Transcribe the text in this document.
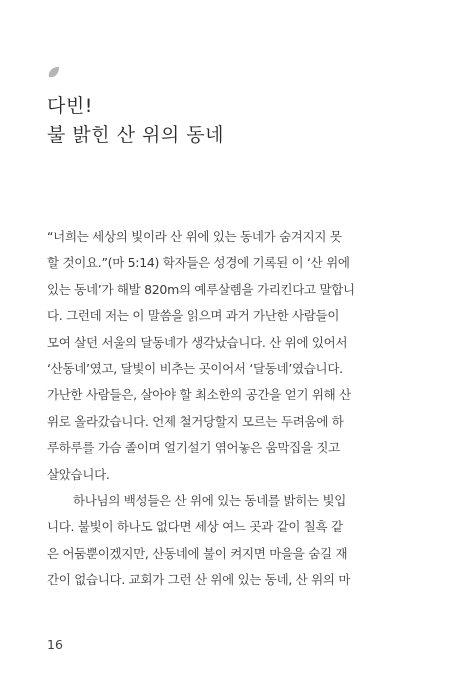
다빈!
불 밝힌 산 위의 동네
“너희는 세상의 빛이라 산 위에 있는 동네가 숨겨지지 못
할 것이요.”(마 5:14) 학자들은 성경에 기록된 이 ‘산 위에
있는 동네’가 해발 820m의 예루살렘을 가리킨다고 말합니
다. 그런데 저는 이 말씀을 읽으며 과거 가난한 사람들이
모여 살던 서울의 달동네가 생각났습니다. 산 위에 있어서
‘산동네’였고, 달빛이 비추는 곳이어서 ‘달동네’였습니다.
가난한 사람들은, 살아야 할 최소한의 공간을 얻기 위해 산
위로 올라갔습니다. 언제 철거당할지 모르는 두려움에 하
루하루를 가슴 졸이며 얼기설기 엮어놓은 움막집을 짓고
살았습니다.
하나님의 백성들은 산 위에 있는 동네를 밝히는 빛입
니다. 불빛이 하나도 없다면 세상 여느 곳과 같이 칠흑 같
은 어둠뿐이겠지만, 산동네에 불이 켜지면 마을을 숨길 재
간이 없습니다. 교회가 그런 산 위에 있는 동네, 산 위의 마
16
